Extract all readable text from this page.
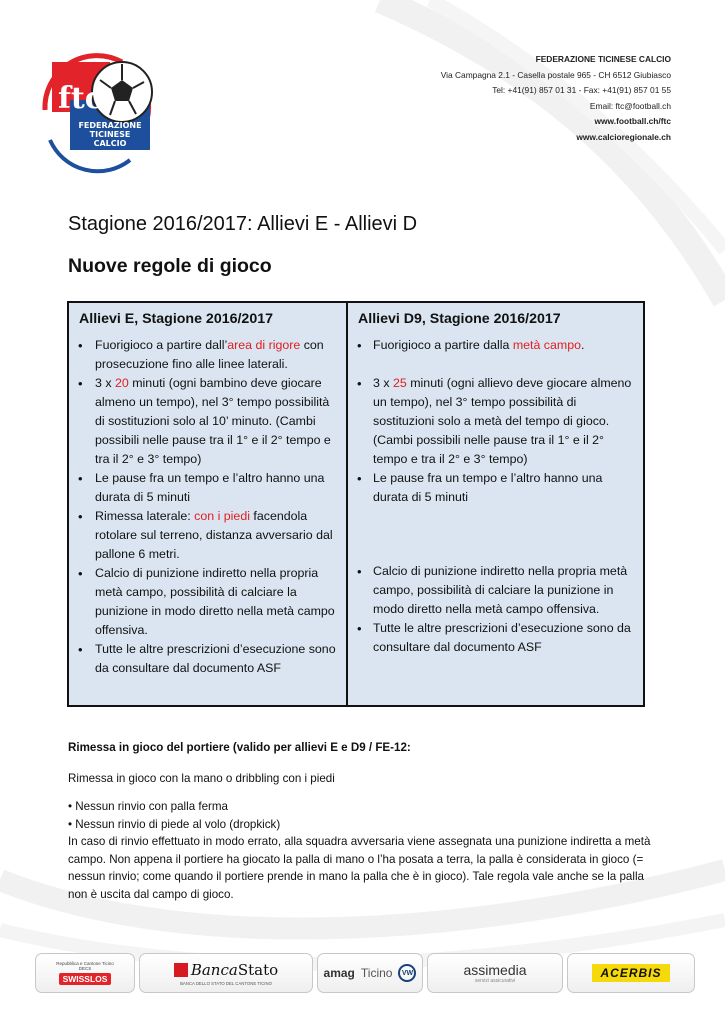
ftc
FEDERAZIONE
TICINESE
CALCIO
FEDERAZIONE TICINESE CALCIO
Via Campagna 2.1 - Casella postale 965 - CH 6512 Giubiasco
Tel: +41(91) 857 01 31 - Fax: +41(91) 857 01 55
Email: ftc@football.ch
www.football.ch/ftc
www.calcioregionale.ch
Stagione 2016/2017: Allievi E - Allievi D
Nuove regole di gioco
Allievi E, Stagione 2016/2017
• Fuorigioco a partire dall’area di rigore con prosecuzione fino alle linee laterali.
• 3 x 20 minuti (ogni bambino deve giocare almeno un tempo), nel 3° tempo possibilità di sostituzioni solo al 10’ minuto. (Cambi possibili nelle pause tra il 1° e il 2° tempo e tra il 2° e 3° tempo)
• Le pause fra un tempo e l’altro hanno una durata di 5 minuti
• Rimessa laterale: con i piedi facendola rotolare sul terreno, distanza avversario dal pallone 6 metri.
• Calcio di punizione indiretto nella propria metà campo, possibilità di calciare la punizione in modo diretto nella metà campo offensiva.
• Tutte le altre prescrizioni d’esecuzione sono da consultare dal documento ASF
Allievi D9, Stagione 2016/2017
• Fuorigioco a partire dalla metà campo.
• 3 x 25 minuti (ogni allievo deve giocare almeno un tempo), nel 3° tempo possibilità di sostituzioni solo a metà del tempo di gioco. (Cambi possibili nelle pause tra il 1° e il 2° tempo e tra il 2° e 3° tempo)
• Le pause fra un tempo e l’altro hanno una durata di 5 minuti
• Calcio di punizione indiretto nella propria metà campo, possibilità di calciare la punizione in modo diretto nella metà campo offensiva.
• Tutte le altre prescrizioni d’esecuzione sono da consultare dal documento ASF

Rimessa in gioco del portiere (valido per allievi E e D9 / FE-12:

Rimessa in gioco con la mano o dribbling con i piedi

• Nessun rinvio con palla ferma

• Nessun rinvio di piede al volo (dropkick)

In caso di rinvio effettuato in modo errato, alla squadra avversaria viene assegnata una punizione indiretta a metà campo. Non appena il portiere ha giocato la palla di mano o l’ha posata a terra, la palla è considerata in gioco (= nessun rinvio; come quando il portiere prende in mano la palla che è in gioco). Tale regola vale anche se la palla non è uscita dal campo di gioco.

Repubblica e Cantone Ticino
DECS
SWISSLOS
Banca Stato
BANCA DELLO STATO DEL CANTONE TICINO
amag Ticino	VW	assimedia
servizi assicurativi
ACERBIS
